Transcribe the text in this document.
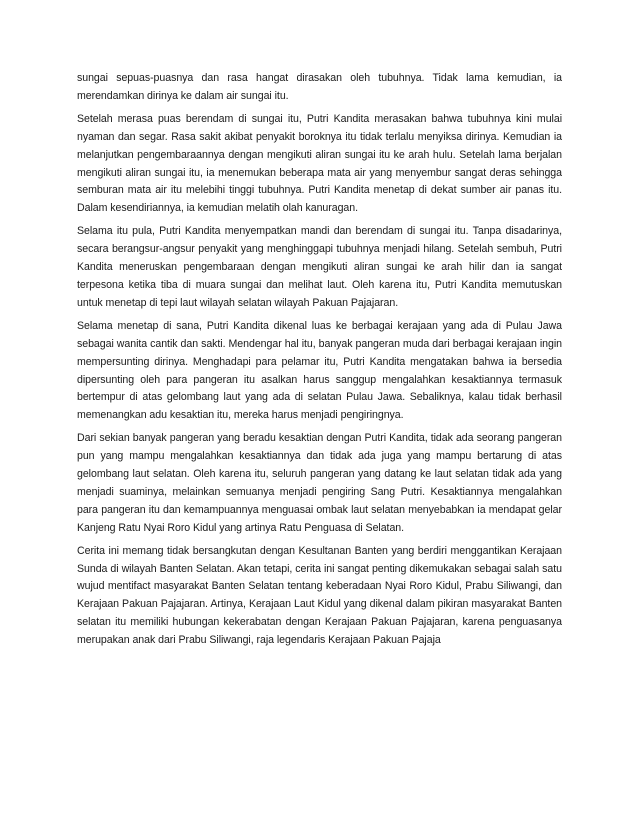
sungai sepuas-puasnya dan rasa hangat dirasakan oleh tubuhnya. Tidak lama kemudian, ia merendamkan dirinya ke dalam air sungai itu.

Setelah merasa puas berendam di sungai itu, Putri Kandita merasakan bahwa tubuhnya kini mulai nyaman dan segar. Rasa sakit akibat penyakit boroknya itu tidak terlalu menyiksa dirinya. Kemudian ia melanjutkan pengembaraannya dengan mengikuti aliran sungai itu ke arah hulu. Setelah lama berjalan mengikuti aliran sungai itu, ia menemukan beberapa mata air yang menyembur sangat deras sehingga semburan mata air itu melebihi tinggi tubuhnya. Putri Kandita menetap di dekat sumber air panas itu. Dalam kesendiriannya, ia kemudian melatih olah kanuragan.

Selama itu pula, Putri Kandita menyempatkan mandi dan berendam di sungai itu. Tanpa disadarinya, secara berangsur-angsur penyakit yang menghinggapi tubuhnya menjadi hilang. Setelah sembuh, Putri Kandita meneruskan pengembaraan dengan mengikuti aliran sungai ke arah hilir dan ia sangat terpesona ketika tiba di muara sungai dan melihat laut. Oleh karena itu, Putri Kandita memutuskan untuk menetap di tepi laut wilayah selatan wilayah Pakuan Pajajaran.

Selama menetap di sana, Putri Kandita dikenal luas ke berbagai kerajaan yang ada di Pulau Jawa sebagai wanita cantik dan sakti. Mendengar hal itu, banyak pangeran muda dari berbagai kerajaan ingin mempersunting dirinya. Menghadapi para pelamar itu, Putri Kandita mengatakan bahwa ia bersedia dipersunting oleh para pangeran itu asalkan harus sanggup mengalahkan kesaktiannya termasuk bertempur di atas gelombang laut yang ada di selatan Pulau Jawa. Sebaliknya, kalau tidak berhasil memenangkan adu kesaktian itu, mereka harus menjadi pengiringnya.

Dari sekian banyak pangeran yang beradu kesaktian dengan Putri Kandita, tidak ada seorang pangeran pun yang mampu mengalahkan kesaktiannya dan tidak ada juga yang mampu bertarung di atas gelombang laut selatan. Oleh karena itu, seluruh pangeran yang datang ke laut selatan tidak ada yang menjadi suaminya, melainkan semuanya menjadi pengiring Sang Putri. Kesaktiannya mengalahkan para pangeran itu dan kemampuannya menguasai ombak laut selatan menyebabkan ia mendapat gelar Kanjeng Ratu Nyai Roro Kidul yang artinya Ratu Penguasa di Selatan.

Cerita ini memang tidak bersangkutan dengan Kesultanan Banten yang berdiri menggantikan Kerajaan Sunda di wilayah Banten Selatan. Akan tetapi, cerita ini sangat penting dikemukakan sebagai salah satu wujud mentifact masyarakat Banten Selatan tentang keberadaan Nyai Roro Kidul, Prabu Siliwangi, dan Kerajaan Pakuan Pajajaran. Artinya, Kerajaan Laut Kidul yang dikenal dalam pikiran masyarakat Banten selatan itu memiliki hubungan kekerabatan dengan Kerajaan Pakuan Pajajaran, karena penguasanya merupakan anak dari Prabu Siliwangi, raja legendaris Kerajaan Pakuan Pajaja
